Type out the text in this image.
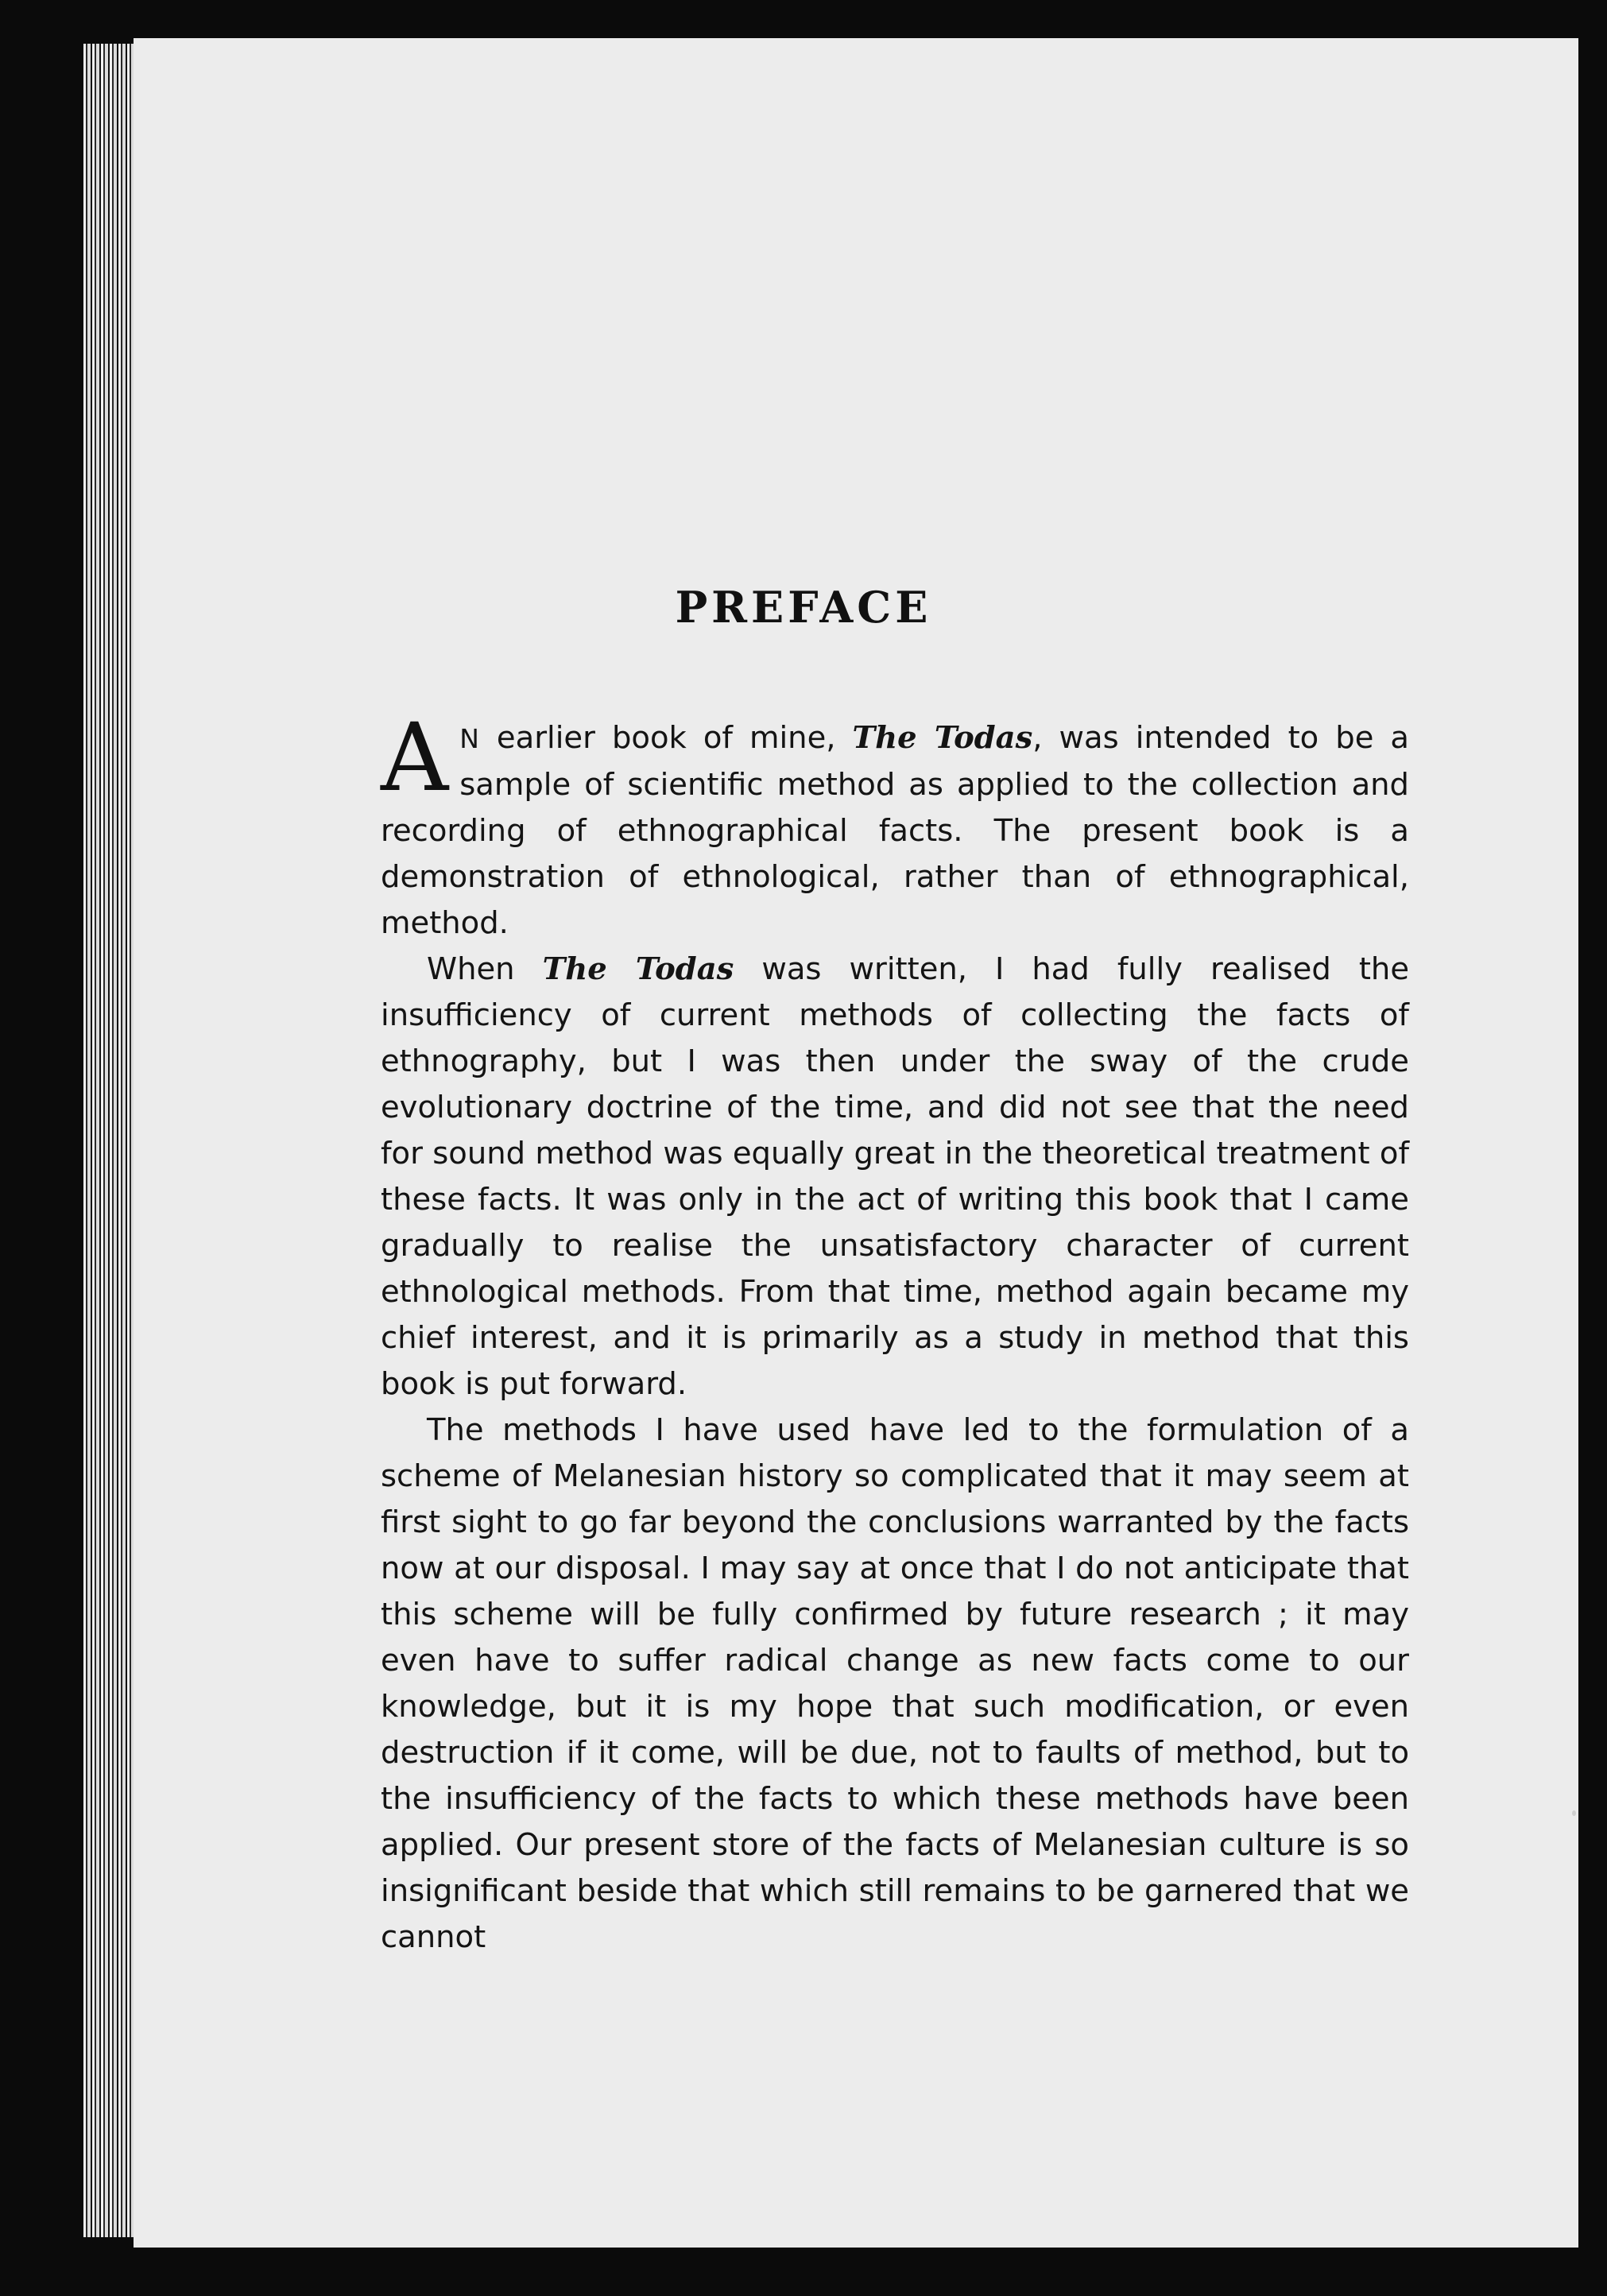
PREFACE

A N earlier book of mine, The Todas, was intended to be a sample of scientific method as applied to the collection and recording of ethnographical facts. The present book is a demonstration of ethnological, rather than of ethnographical, method.

When The Todas was written, I had fully realised the insufficiency of current methods of collecting the facts of ethnography, but I was then under the sway of the crude evolutionary doctrine of the time, and did not see that the need for sound method was equally great in the theoretical treatment of these facts. It was only in the act of writing this book that I came gradually to realise the unsatisfactory character of current ethnological methods. From that time, method again became my chief interest, and it is primarily as a study in method that this book is put forward.

The methods I have used have led to the formulation of a scheme of Melanesian history so complicated that it may seem at first sight to go far beyond the conclusions warranted by the facts now at our disposal. I may say at once that I do not anticipate that this scheme will be fully confirmed by future research ; it may even have to suffer radical change as new facts come to our knowledge, but it is my hope that such modification, or even destruction if it come, will be due, not to faults of method, but to the insufficiency of the facts to which these methods have been applied. Our present store of the facts of Melanesian culture is so insignificant beside that which still remains to be garnered that we cannot
